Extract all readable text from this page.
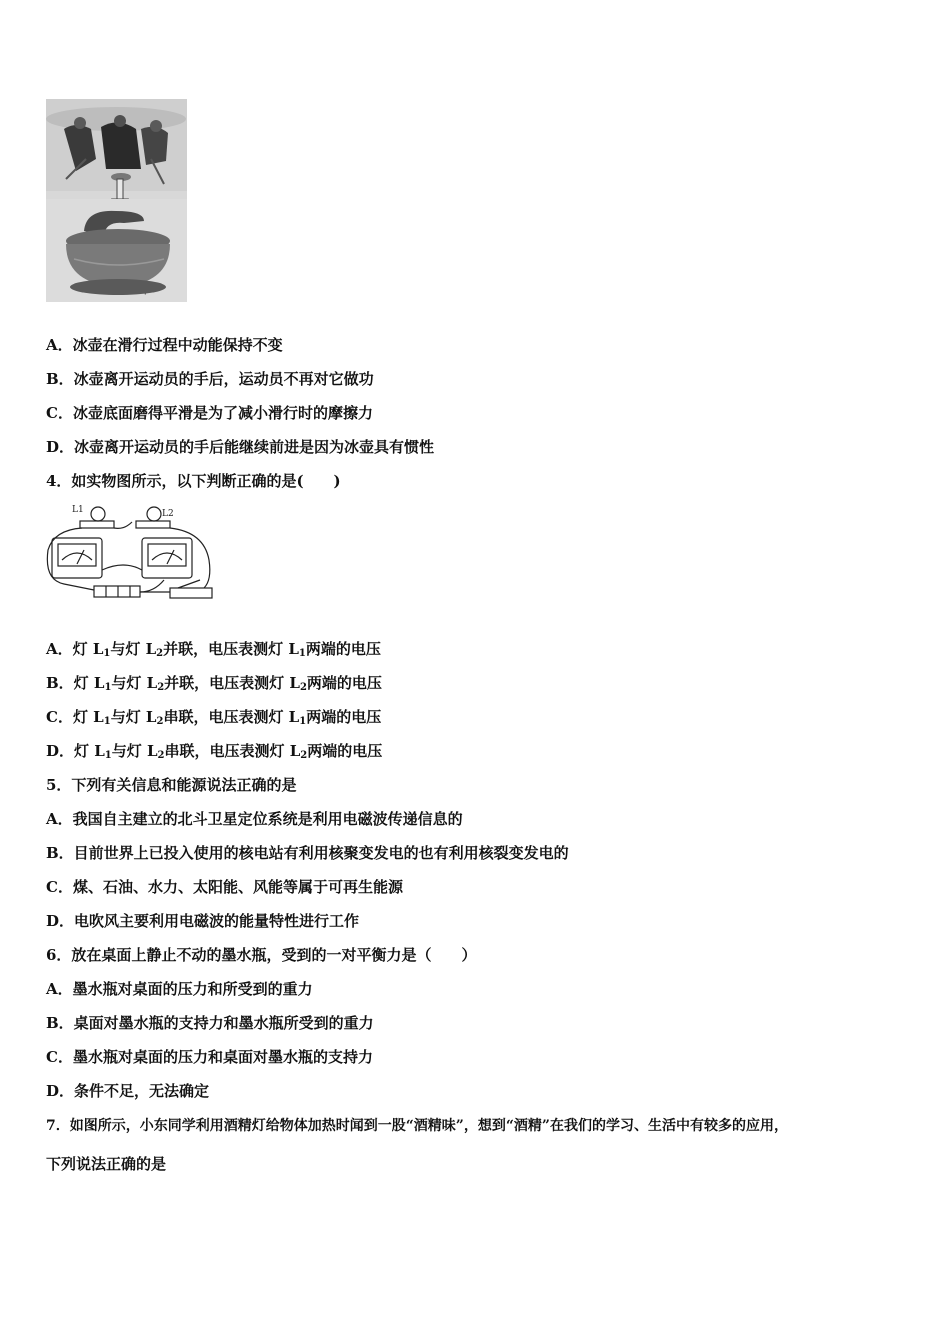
·
A．冰壶在滑行过程中动能保持不变
B．冰壶离开运动员的手后，运动员不再对它做功
C．冰壶底面磨得平滑是为了减小滑行时的摩擦力
D．冰壶离开运动员的手后能继续前进是因为冰壶具有惯性
4．如实物图所示，以下判断正确的是(　　)
L1	L2
A．灯 $L_1$与灯 $L_2$并联，电压表测灯 $L_1$两端的电压
B．灯 $L_1$与灯 $L_2$并联，电压表测灯 $L_2$两端的电压
C．灯 $L_1$与灯 $L_2$串联，电压表测灯 $L_1$两端的电压
D．灯 $L_1$与灯 $L_2$串联，电压表测灯 $L_2$两端的电压
5．下列有关信息和能源说法正确的是
A．我国自主建立的北斗卫星定位系统是利用电磁波传递信息的
B．目前世界上已投入使用的核电站有利用核聚变发电的也有利用核裂变发电的
C．煤、石油、水力、太阳能、风能等属于可再生能源
D．电吹风主要利用电磁波的能量特性进行工作
6．放在桌面上静止不动的墨水瓶，受到的一对平衡力是（　　）
A．墨水瓶对桌面的压力和所受到的重力
B．桌面对墨水瓶的支持力和墨水瓶所受到的重力
C．墨水瓶对桌面的压力和桌面对墨水瓶的支持力
D．条件不足，无法确定
7．如图所示，小东同学利用酒精灯给物体加热时闻到一股“酒精味”，想到“酒精”在我们的学习、生活中有较多的应用，
下列说法正确的是
